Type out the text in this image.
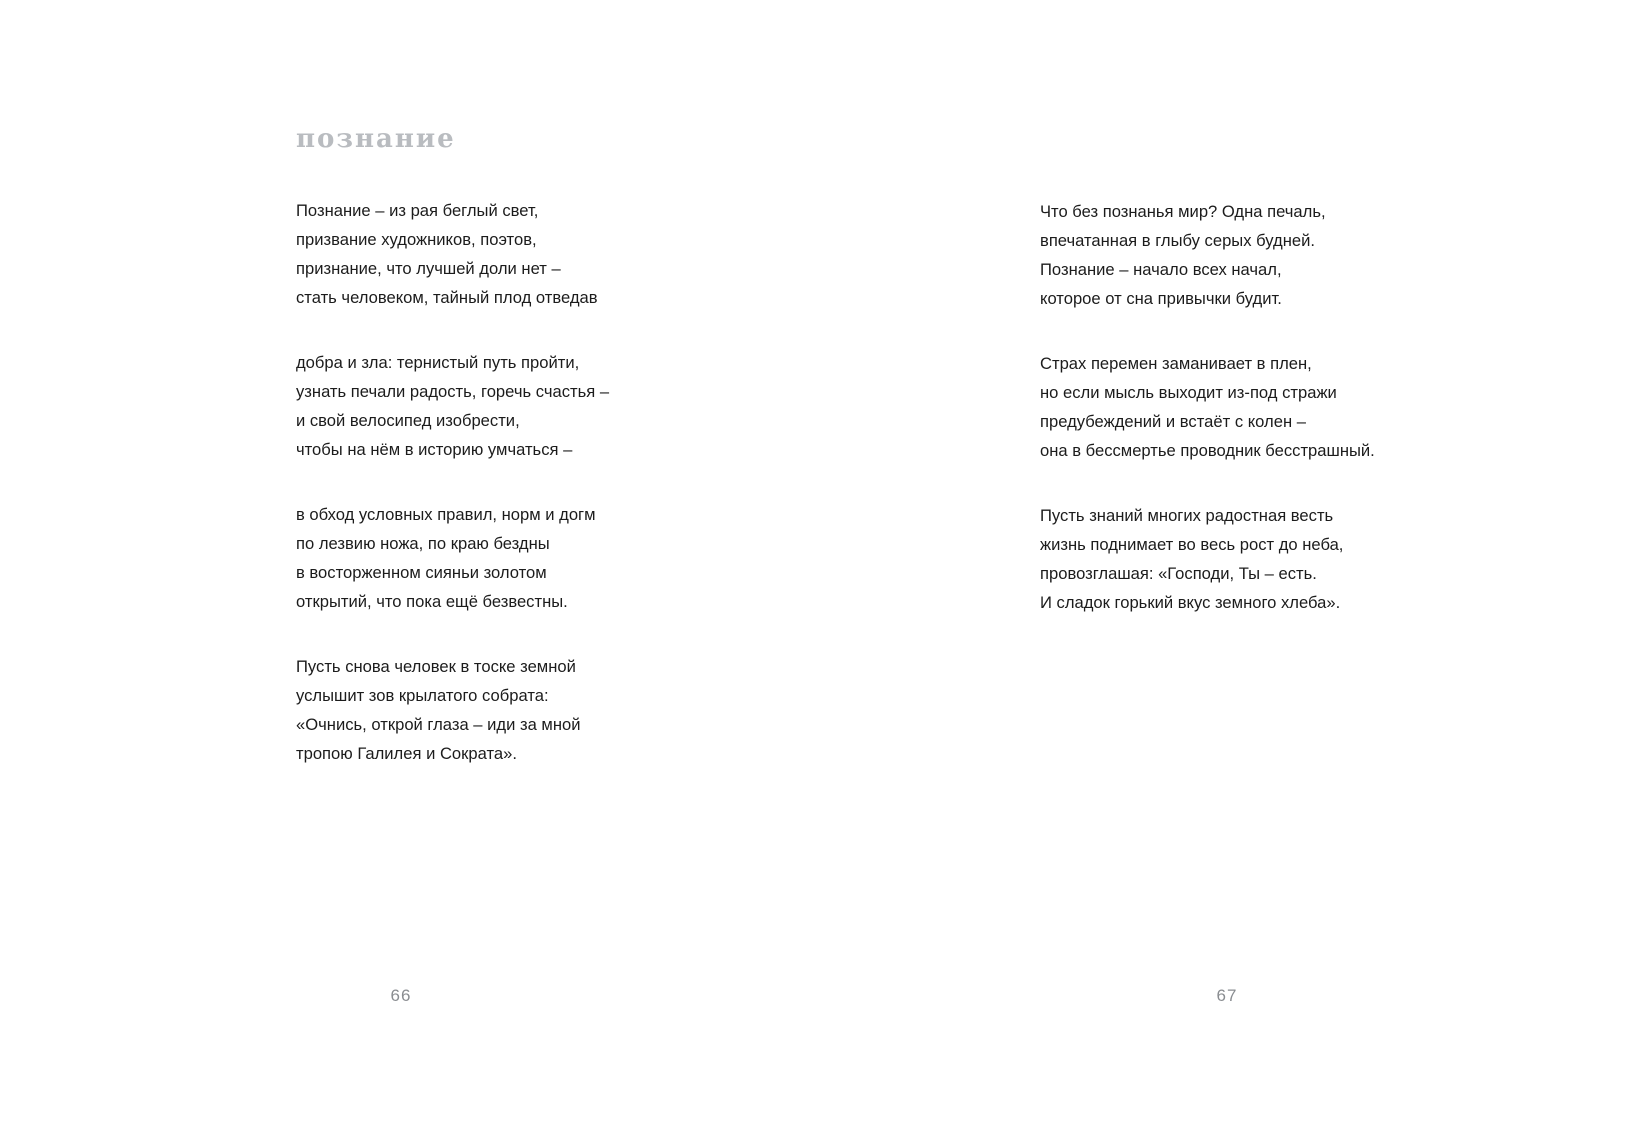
познание

Познание – из рая беглый свет,
призвание художников, поэтов,
признание, что лучшей доли нет –
стать человеком, тайный плод отведав

добра и зла: тернистый путь пройти,
узнать печали радость, горечь счастья –
и свой велосипед изобрести,
чтобы на нём в историю умчаться –

в обход условных правил, норм и догм
по лезвию ножа, по краю бездны
в восторженном сияньи золотом
открытий, что пока ещё безвестны.

Пусть снова человек в тоске земной
услышит зов крылатого собрата:
«Очнись, открой глаза – иди за мной
тропою Галилея и Сократа».

66

Что без познанья мир? Одна печаль,
впечатанная в глыбу серых будней.
Познание – начало всех начал,
которое от сна привычки будит.

Страх перемен заманивает в плен,
но если мысль выходит из-под стражи
предубеждений и встаёт с колен –
она в бессмертье проводник бесстрашный.

Пусть знаний многих радостная весть
жизнь поднимает во весь рост до неба,
провозглашая: «Господи, Ты – есть.
И сладок горький вкус земного хлеба».

67
